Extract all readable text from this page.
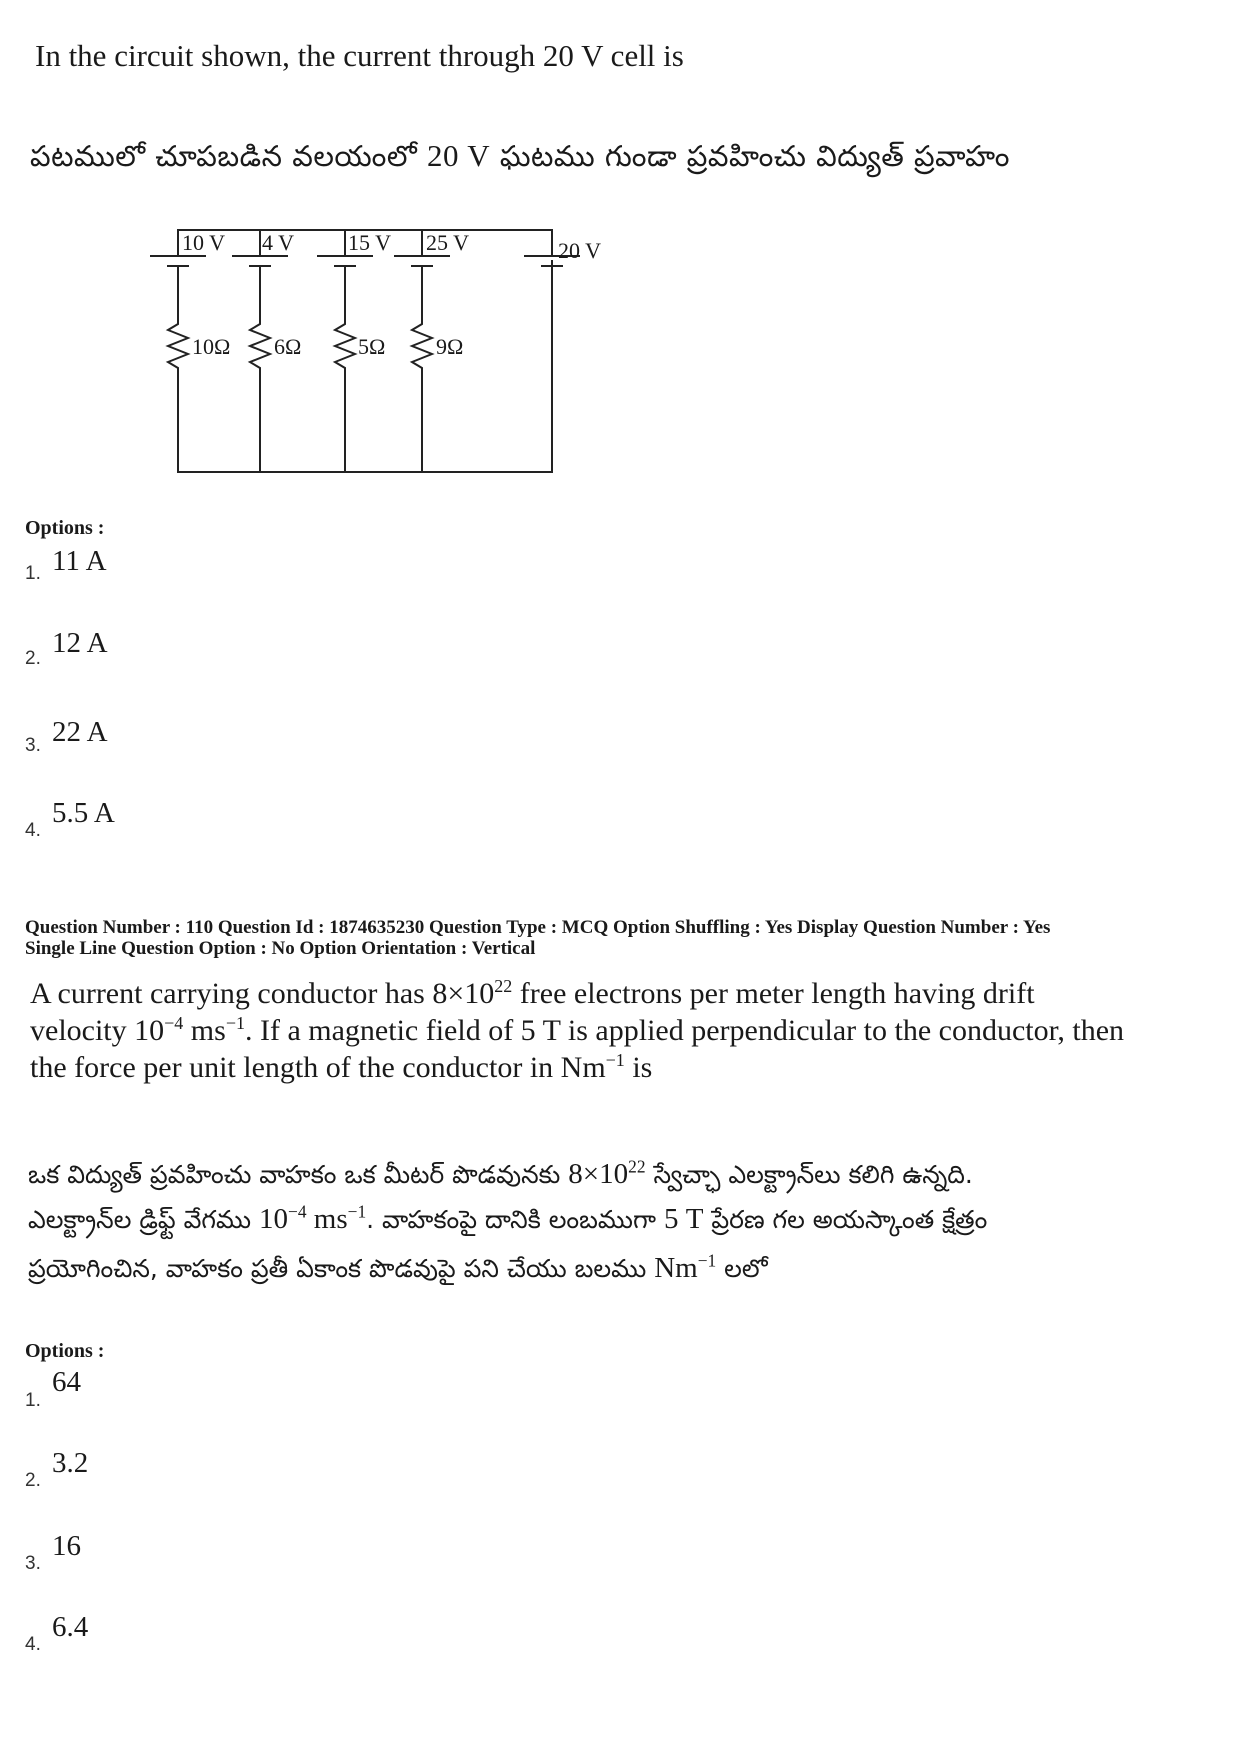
In the circuit shown, the current through 20 V cell is
పటములో చూపబడిన వలయంలో 20 V ఘటము గుండా ప్రవహించు విద్యుత్ ప్రవాహం
10 V 4 V 15 V 25 V	20 V
10Ω 6Ω	5Ω 9Ω
Options :
1. 11 A
2. 12 A
3. 22 A
4.
5.5 A
Question Number : 110 Question Id : 1874635230 Question Type : MCQ Option Shuffling : Yes Display Question Number : Yes
Single Line Question Option : No Option Orientation : Vertical
A current carrying conductor has $8\times 10^{22}$ free electrons per meter length having drift
velocity $10^{-4}$ $ms^{-1}$. If a magnetic field of 5 T is applied perpendicular to the conductor, then
the force per unit length of the conductor in $Nm^{-1}$ is
ఒక విద్యుత్ ప్రవహించు వాహకం ఒక మీటర్ పొడవునకు $8\times 10^{22}$ స్వేచ్ఛా ఎలక్ట్రాన్‌లు కలిగి ఉన్నది.
ఎలక్ట్రాన్‌ల డ్రిఫ్ట్ వేగము $10^{-4}$ $ms^{-1}$. వాహకంపై దానికి లంబముగా 5 T ప్రేరణ గల అయస్కాంత క్షేత్రం
ప్రయోగించిన, వాహకం ప్రతీ ఏకాంక పొడవుపై పని చేయు బలము $Nm^{-1}$ లలో
Options :
1.
64
2.
3.2
3.
16
4.
6.4
